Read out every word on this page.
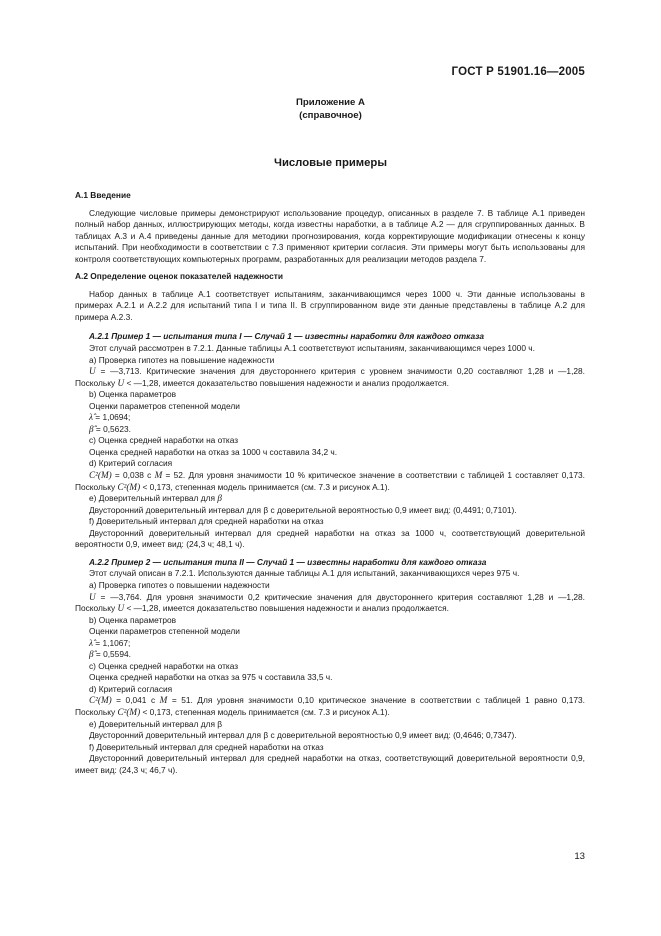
ГОСТ Р 51901.16—2005
Приложение А
(справочное)
Числовые примеры

А.1 Введение

Следующие числовые примеры демонстрируют использование процедур, описанных в разделе 7. В таблице А.1 приведен полный набор данных, иллюстрирующих методы, когда известны наработки, а в таблице А.2 — для сгруппированных данных. В таблицах А.3 и А.4 приведены данные для методики прогнозирования, когда корректирующие модификации отнесены к концу испытаний. При необходимости в соответствии с 7.3 применяют критерии согласия. Эти примеры могут быть использованы для контроля соответствующих компьютерных программ, разработанных для реализации методов раздела 7.

А.2 Определение оценок показателей надежности

Набор данных в таблице А.1 соответствует испытаниям, заканчивающимся через 1000 ч. Эти данные использованы в примерах А.2.1 и А.2.2 для испытаний типа I и типа II. В сгруппированном виде эти данные представлены в таблице А.2 для примера А.2.3.

А.2.1 Пример 1 — испытания типа I — Случай 1 — известны наработки для каждого отказа

Этот случай рассмотрен в 7.2.1. Данные таблицы А.1 соответствуют испытаниям, заканчивающимся через 1000 ч.

а) Проверка гипотез на повышение надежности

U = —3,713. Критические значения для двустороннего критерия с уровнем значимости 0,20 составляют 1,28 и —1,28. Поскольку U < —1,28, имеется доказательство повышения надежности и анализ продолжается.

b) Оценка параметров

Оценки параметров степенной модели

λ̂ = 1,0694;

β̂ = 0,5623.

с) Оценка средней наработки на отказ

Оценка средней наработки на отказ за 1000 ч составила 34,2 ч.

d) Критерий согласия

C²(M) = 0,038 с M = 52. Для уровня значимости 10 % критическое значение в соответствии с таблицей 1 составляет 0,173. Поскольку C²(M) < 0,173, степенная модель принимается (см. 7.3 и рисунок А.1).

е) Доверительный интервал для β

Двусторонний доверительный интервал для β с доверительной вероятностью 0,9 имеет вид: (0,4491; 0,7101).

f) Доверительный интервал для средней наработки на отказ

Двусторонний доверительный интервал для средней наработки на отказ за 1000 ч, соответствующий доверительной вероятности 0,9, имеет вид: (24,3 ч; 48,1 ч).

А.2.2 Пример 2 — испытания типа II — Случай 1 — известны наработки для каждого отказа

Этот случай описан в 7.2.1. Используются данные таблицы А.1 для испытаний, заканчивающихся через 975 ч.

а) Проверка гипотез о повышении надежности

U = —3,764. Для уровня значимости 0,2 критические значения для двустороннего критерия составляют 1,28 и —1,28. Поскольку U < —1,28, имеется доказательство повышения надежности и анализ продолжается.

b) Оценка параметров

Оценки параметров степенной модели

λ̂ = 1,1067;

β̂ = 0,5594.

с) Оценка средней наработки на отказ

Оценка средней наработки на отказ за 975 ч составила 33,5 ч.

d) Критерий согласия

C²(M) = 0,041 с M = 51. Для уровня значимости 0,10 критическое значение в соответствии с таблицей 1 равно 0,173. Поскольку C²(M) < 0,173, степенная модель принимается (см. 7.3 и рисунок А.1).

е) Доверительный интервал для β

Двусторонний доверительный интервал для β с доверительной вероятностью 0,9 имеет вид: (0,4646; 0,7347).

f) Доверительный интервал для средней наработки на отказ

Двусторонний доверительный интервал для средней наработки на отказ, соответствующий доверительной вероятности 0,9, имеет вид: (24,3 ч; 46,7 ч).

13
